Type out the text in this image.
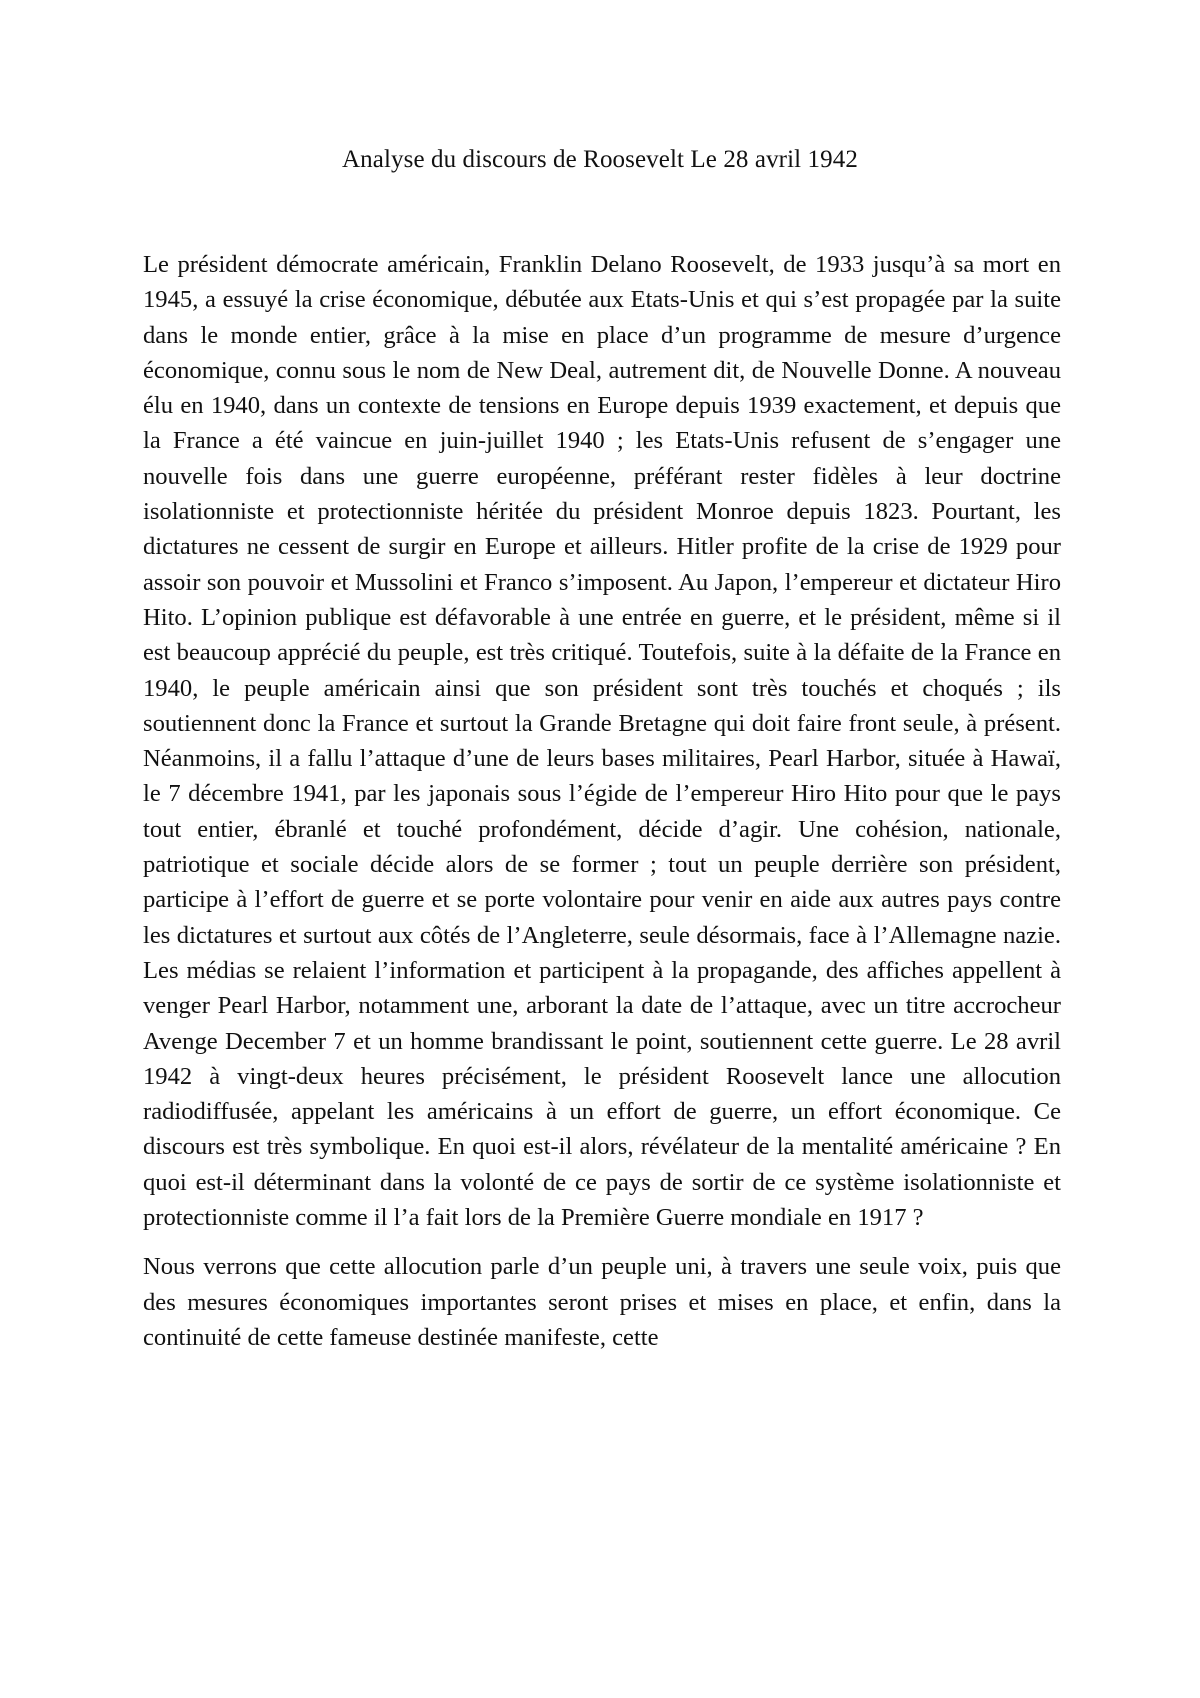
Analyse du discours de Roosevelt Le 28 avril 1942

Le président démocrate américain, Franklin Delano Roosevelt, de 1933 jusqu’à sa mort en 1945, a essuyé la crise économique, débutée aux Etats-Unis et qui s’est propagée par la suite dans le monde entier, grâce à la mise en place d’un programme de mesure d’urgence économique, connu sous le nom de New Deal, autrement dit, de Nouvelle Donne. A nouveau élu en 1940, dans un contexte de tensions en Europe depuis 1939 exactement, et depuis que la France a été vaincue en juin-juillet 1940 ; les Etats-Unis refusent de s’engager une nouvelle fois dans une guerre européenne, préférant rester fidèles à leur doctrine isolationniste et protectionniste héritée du président Monroe depuis 1823. Pourtant, les dictatures ne cessent de surgir en Europe et ailleurs. Hitler profite de la crise de 1929 pour assoir son pouvoir et Mussolini et Franco s’imposent. Au Japon, l’empereur et dictateur Hiro Hito. L’opinion publique est défavorable à une entrée en guerre, et le président, même si il est beaucoup apprécié du peuple, est très critiqué. Toutefois, suite à la défaite de la France en 1940, le peuple américain ainsi que son président sont très touchés et choqués ; ils soutiennent donc la France et surtout la Grande Bretagne qui doit faire front seule, à présent. Néanmoins, il a fallu l’attaque d’une de leurs bases militaires, Pearl Harbor, située à Hawaï, le 7 décembre 1941, par les japonais sous l’égide de l’empereur Hiro Hito pour que le pays tout entier, ébranlé et touché profondément, décide d’agir. Une cohésion, nationale, patriotique et sociale décide alors de se former ; tout un peuple derrière son président, participe à l’effort de guerre et se porte volontaire pour venir en aide aux autres pays contre les dictatures et surtout aux côtés de l’Angleterre, seule désormais, face à l’Allemagne nazie. Les médias se relaient l’information et participent à la propagande, des affiches appellent à venger Pearl Harbor, notamment une, arborant la date de l’attaque, avec un titre accrocheur Avenge December 7 et un homme brandissant le point, soutiennent cette guerre. Le 28 avril 1942 à vingt-deux heures précisément, le président Roosevelt lance une allocution radiodiffusée, appelant les américains à un effort de guerre, un effort économique. Ce discours est très symbolique. En quoi est-il alors, révélateur de la mentalité américaine ? En quoi est-il déterminant dans la volonté de ce pays de sortir de ce système isolationniste et protectionniste comme il l’a fait lors de la Première Guerre mondiale en 1917 ?

Nous verrons que cette allocution parle d’un peuple uni, à travers une seule voix, puis que des mesures économiques importantes seront prises et mises en place, et enfin, dans la continuité de cette fameuse destinée manifeste, cette
